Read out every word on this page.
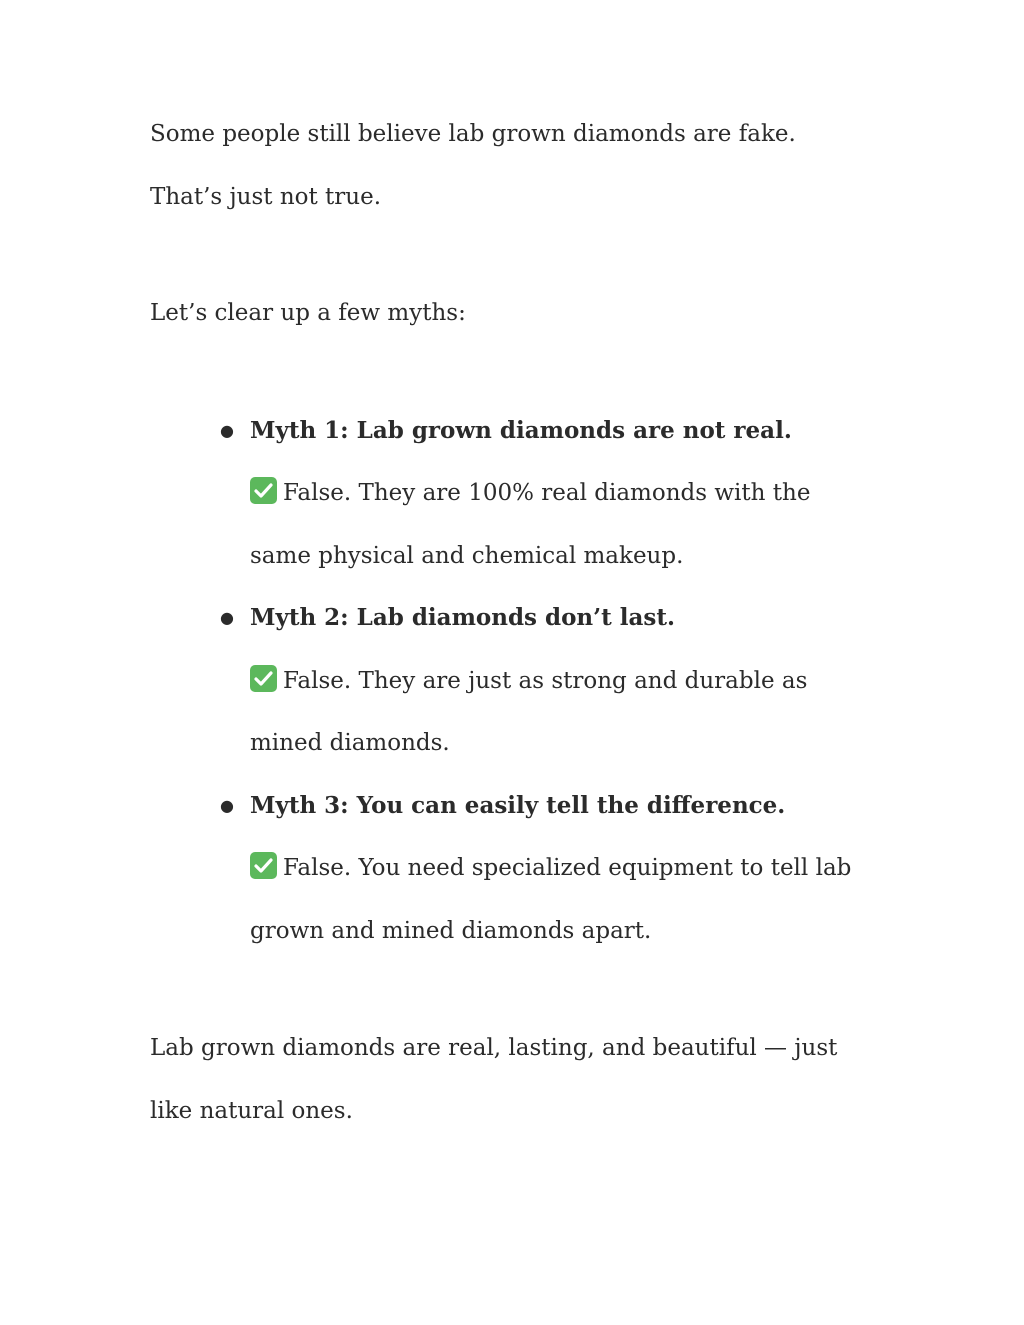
Some people still believe lab grown diamonds are fake. That’s just not true.

Let’s clear up a few myths:

● Myth 1: Lab grown diamonds are not real.
False. They are 100% real diamonds with the same physical and chemical makeup.
● Myth 2: Lab diamonds don’t last.
False. They are just as strong and durable as mined diamonds.
● Myth 3: You can easily tell the difference.
False. You need specialized equipment to tell lab grown and mined diamonds apart.

Lab grown diamonds are real, lasting, and beautiful — just like natural ones.
